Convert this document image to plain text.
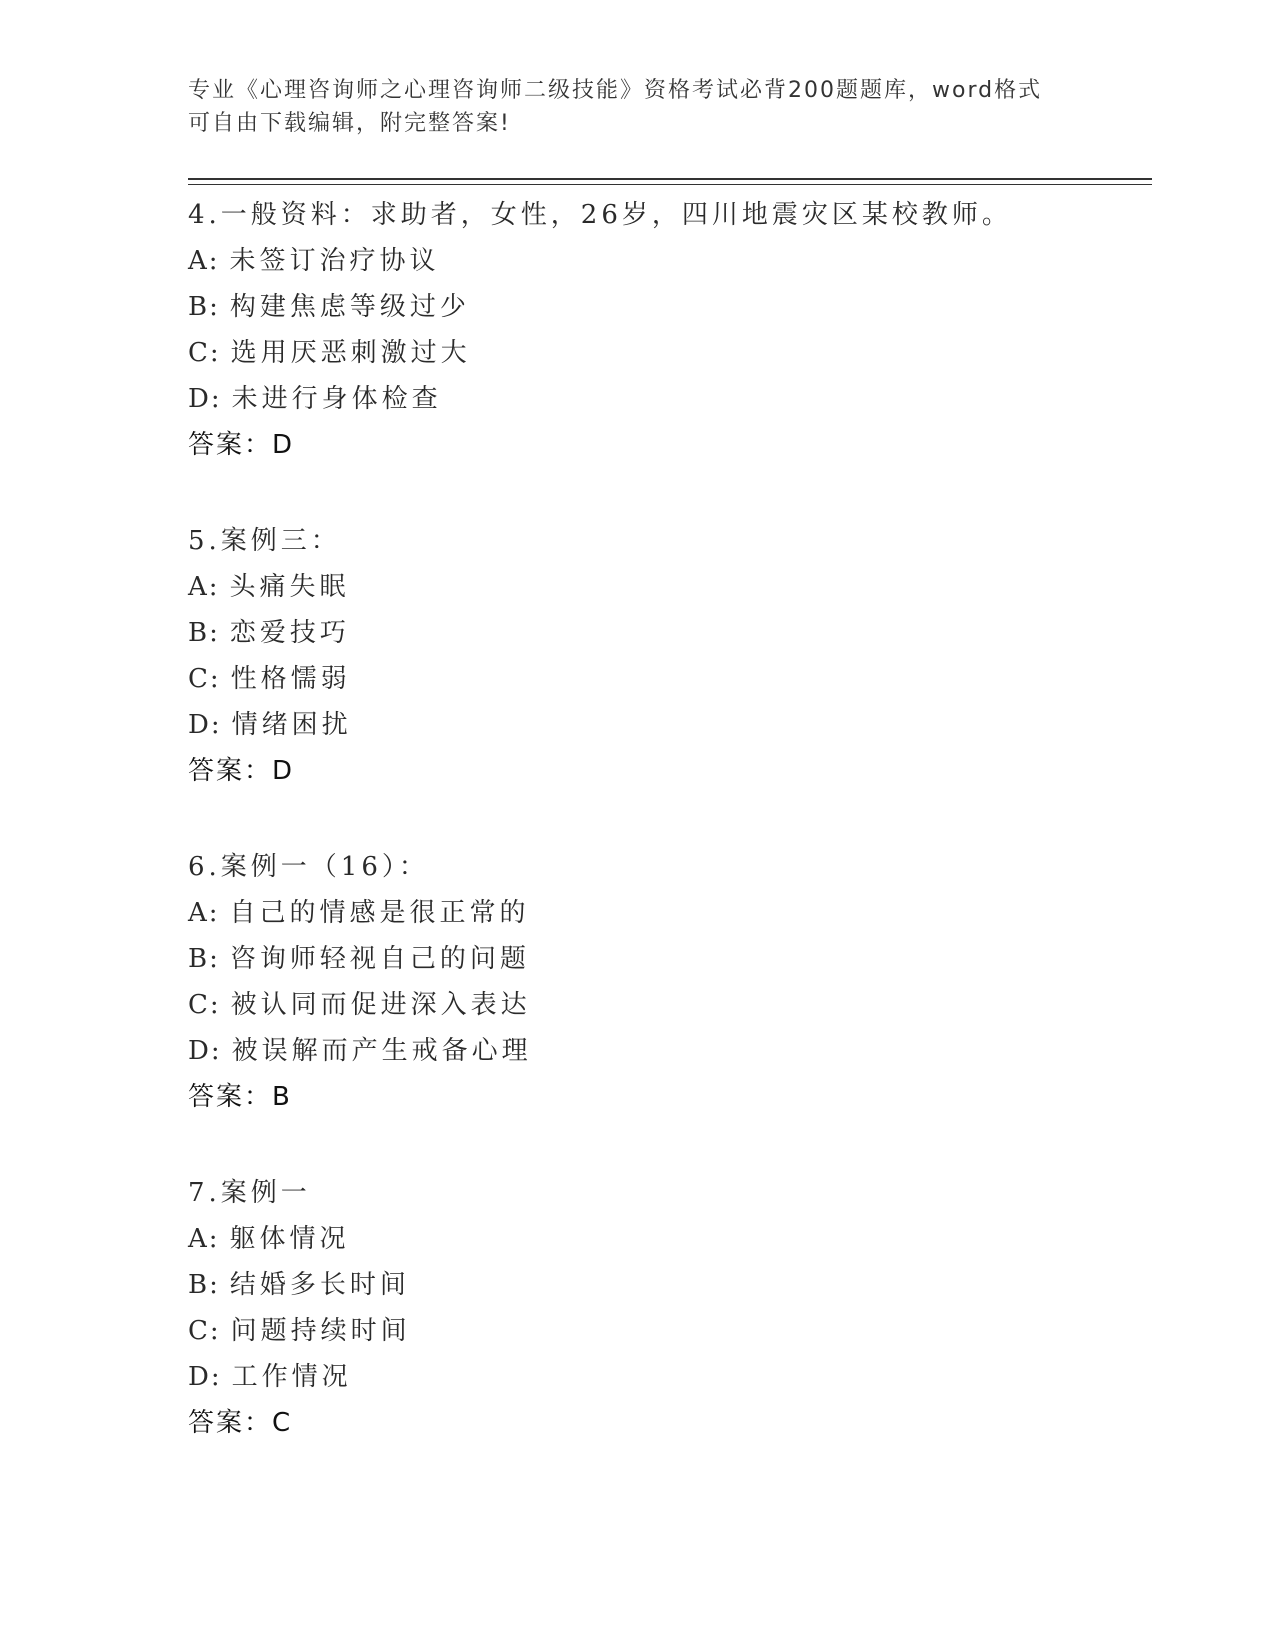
专业《心理咨询师之心理咨询师二级技能》资格考试必背200题题库，word格式
可自由下载编辑，附完整答案!
4.一般资料：求助者，女性，26岁，四川地震灾区某校教师。
A: 未签订治疗协议
B: 构建焦虑等级过少
C: 选用厌恶刺激过大
D: 未进行身体检查
答案：D
5.案例三：
A: 头痛失眠
B: 恋爱技巧
C: 性格懦弱
D: 情绪困扰
答案：D
6.案例一（16）：
A: 自己的情感是很正常的
B: 咨询师轻视自己的问题
C: 被认同而促进深入表达
D: 被误解而产生戒备心理
答案：B
7.案例一
A: 躯体情况
B: 结婚多长时间
C: 问题持续时间
D: 工作情况
答案：C
